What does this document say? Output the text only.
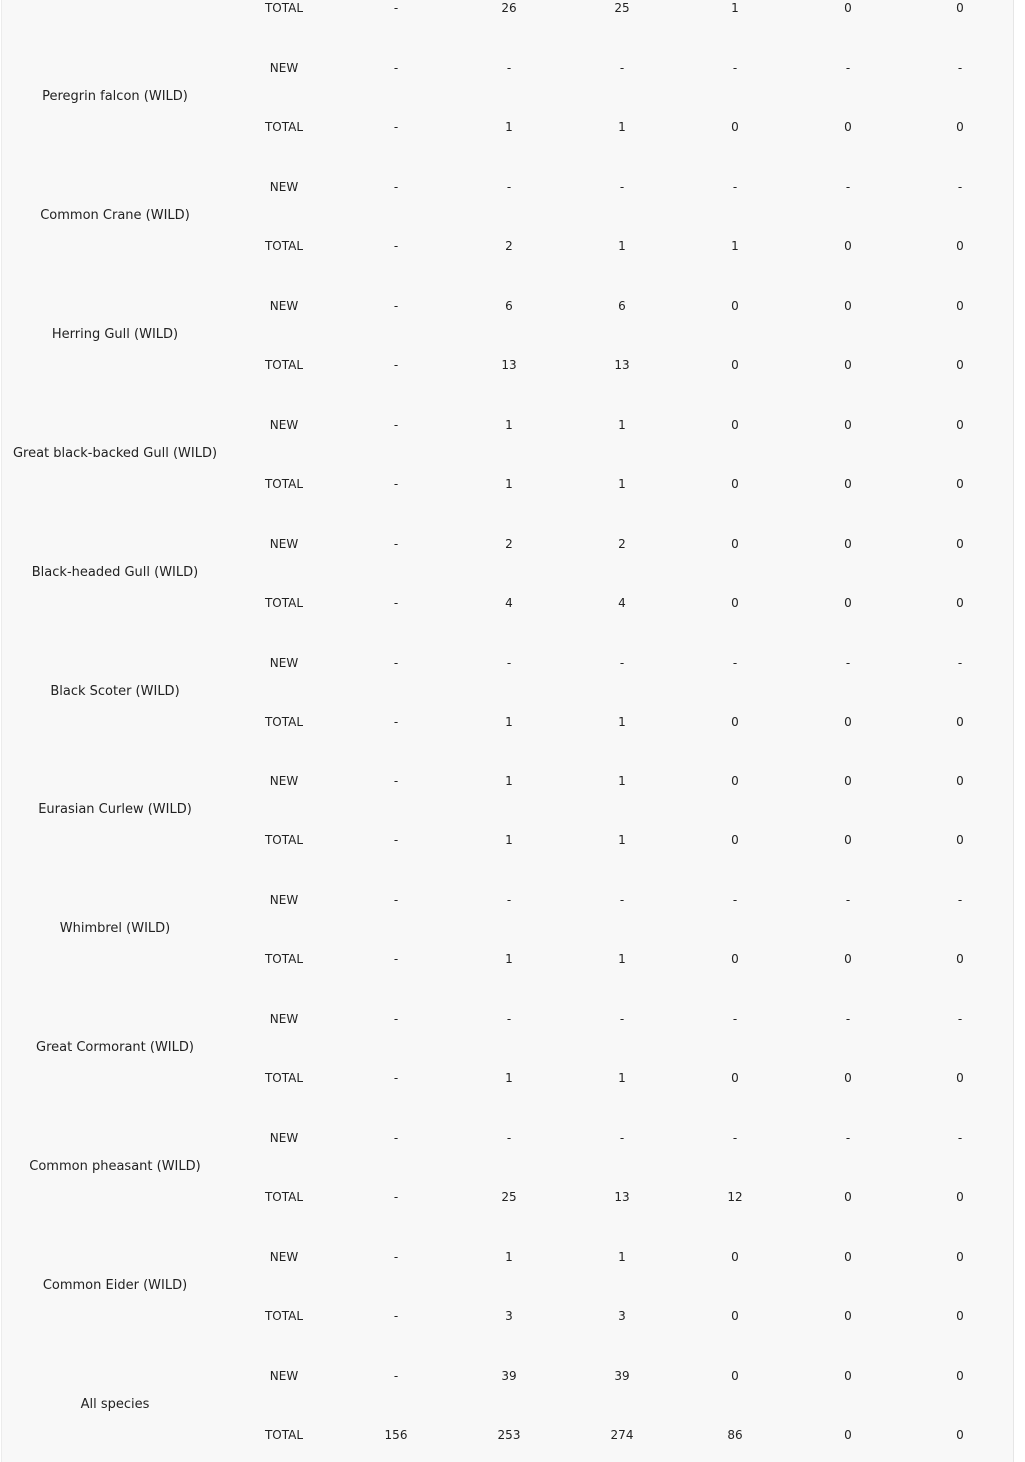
TOTAL	-	26	25	1	0	0
Peregrin falcon (WILD)
NEW	-	-	-	-	-	-
TOTAL	-	1	1	0	0	0
Common Crane (WILD)
NEW	-	-	-	-	-	-
TOTAL	-	2	1	1	0	0
Herring Gull (WILD)
NEW	-	6	6	0	0	0
TOTAL	-	13	13	0	0	0
Great black-backed Gull (WILD)
NEW	-	1	1	0	0	0
TOTAL	-	1	1	0	0	0
Black-headed Gull (WILD)
NEW	-	2	2	0	0	0
TOTAL	-	4	4	0	0	0
Black Scoter (WILD)
NEW	-	-	-	-	-	-
TOTAL	-	1	1	0	0	0
Eurasian Curlew (WILD)
NEW	-	1	1	0	0	0
TOTAL	-	1	1	0	0	0
Whimbrel (WILD)
NEW	-	-	-	-	-	-
TOTAL	-	1	1	0	0	0
Great Cormorant (WILD)
NEW	-	-	-	-	-	-
TOTAL	-	1	1	0	0	0
Common pheasant (WILD)
NEW	-	-	-	-	-	-
TOTAL	-	25	13	12	0	0
Common Eider (WILD)
NEW	-	1	1	0	0	0
TOTAL	-	3	3	0	0	0
All species
NEW	-	39	39	0	0	0
TOTAL	156	253	274	86	0	0
